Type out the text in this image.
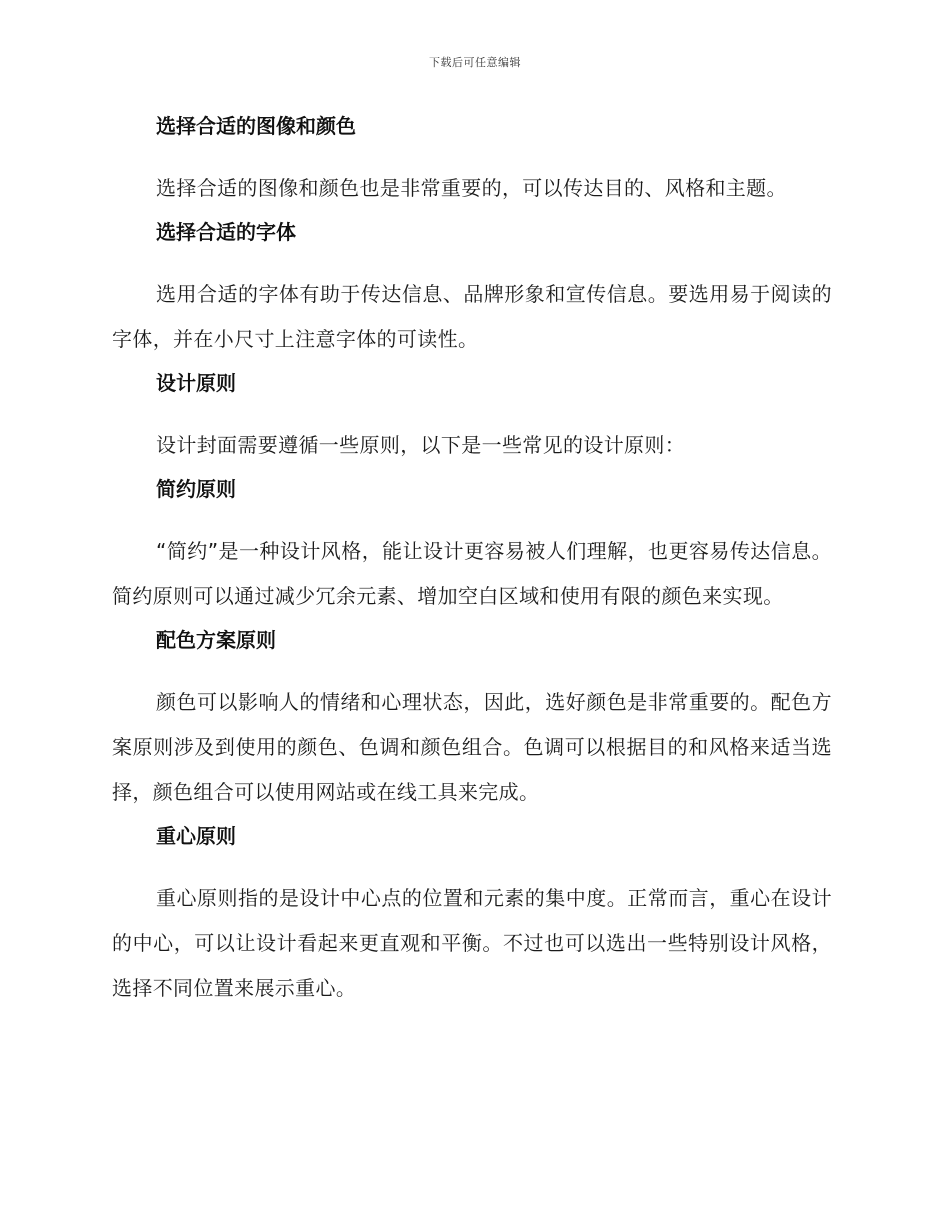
下载后可任意编辑
选择合适的图像和颜色
选择合适的图像和颜色也是非常重要的，可以传达目的、风格和主题。
选择合适的字体
选用合适的字体有助于传达信息、品牌形象和宣传信息。要选用易于阅读的字体，并在小尺寸上注意字体的可读性。
设计原则
设计封面需要遵循一些原则，以下是一些常见的设计原则：
简约原则
“简约”是一种设计风格，能让设计更容易被人们理解，也更容易传达信息。简约原则可以通过减少冗余元素、增加空白区域和使用有限的颜色来实现。
配色方案原则
颜色可以影响人的情绪和心理状态，因此，选好颜色是非常重要的。配色方案原则涉及到使用的颜色、色调和颜色组合。色调可以根据目的和风格来适当选择，颜色组合可以使用网站或在线工具来完成。
重心原则
重心原则指的是设计中心点的位置和元素的集中度。正常而言，重心在设计的中心，可以让设计看起来更直观和平衡。不过也可以选出一些特别设计风格，选择不同位置来展示重心。
